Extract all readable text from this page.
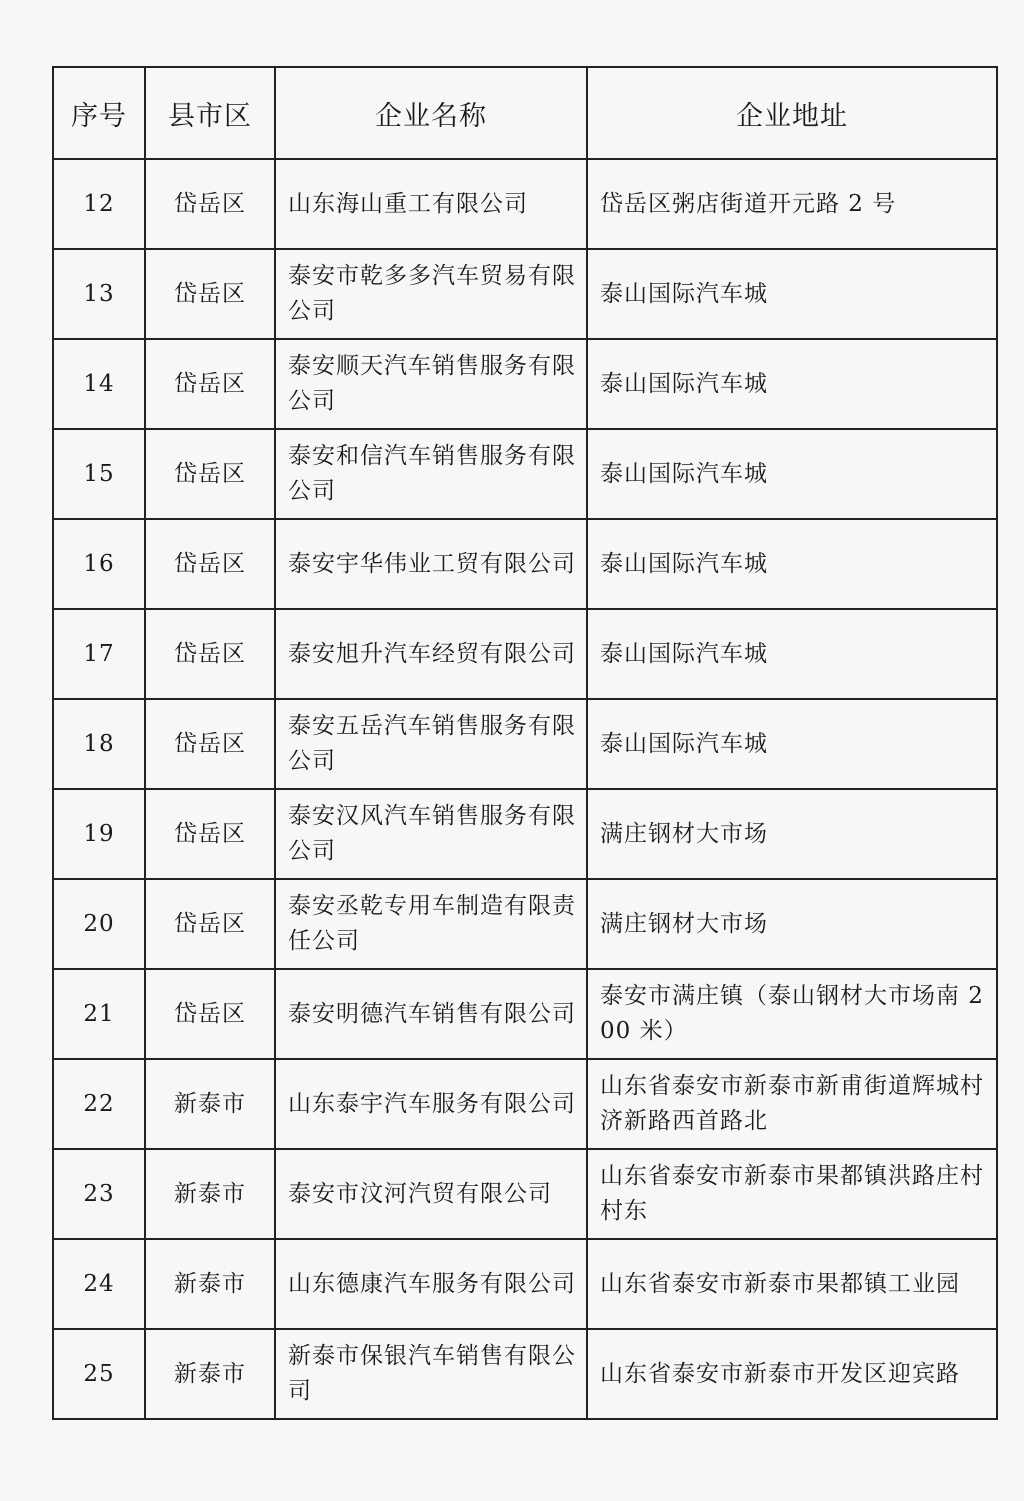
序号	县市区	企业名称	企业地址
12	岱岳区	山东海山重工有限公司	岱岳区粥店街道开元路 2 号
13	岱岳区	泰安市乾多多汽车贸易有限公司	泰山国际汽车城
14	岱岳区	泰安顺天汽车销售服务有限公司	泰山国际汽车城
15	岱岳区	泰安和信汽车销售服务有限公司	泰山国际汽车城
16	岱岳区	泰安宇华伟业工贸有限公司	泰山国际汽车城
17	岱岳区	泰安旭升汽车经贸有限公司	泰山国际汽车城
18	岱岳区	泰安五岳汽车销售服务有限公司	泰山国际汽车城
19	岱岳区	泰安汉风汽车销售服务有限公司	满庄钢材大市场
20	岱岳区	泰安丞乾专用车制造有限责任公司	满庄钢材大市场
21	岱岳区	泰安明德汽车销售有限公司	泰安市满庄镇（泰山钢材大市场南 200 米）
22	新泰市	山东泰宇汽车服务有限公司	山东省泰安市新泰市新甫街道辉城村济新路西首路北
23	新泰市	泰安市汶河汽贸有限公司	山东省泰安市新泰市果都镇洪路庄村村东
24	新泰市	山东德康汽车服务有限公司	山东省泰安市新泰市果都镇工业园
25	新泰市	新泰市保银汽车销售有限公司	山东省泰安市新泰市开发区迎宾路
